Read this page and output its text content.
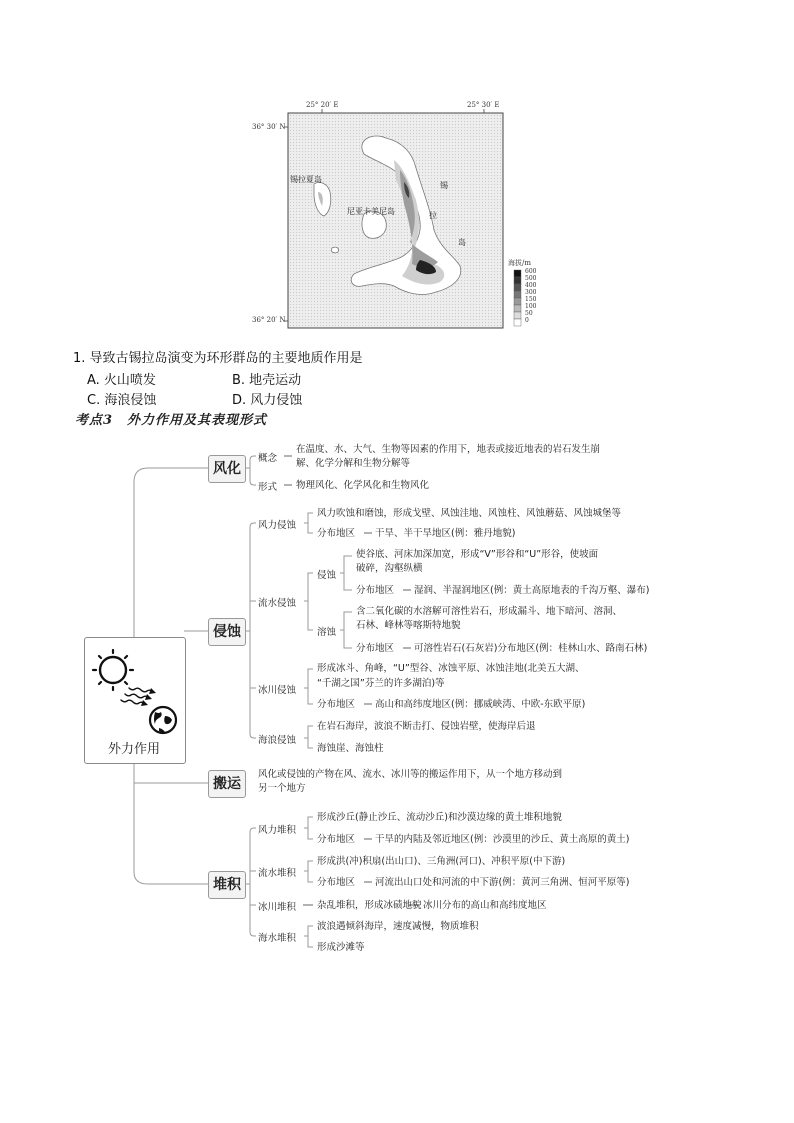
25° 20′ E	25° 30′ E
36° 30′ N
36° 20′ N
锡拉夏岛
尼亚卡美尼岛
锡
拉
岛
海拔/m
600
500
400
300
150
100
50
0
1. 导致古锡拉岛演变为环形群岛的主要地质作用是
A. 火山喷发	B. 地壳运动
C. 海浪侵蚀	D. 风力侵蚀
考点3　外力作用及其表现形式
外力作用
风化
侵蚀
搬运
堆积
概念
在温度、水、大气、生物等因素的作用下，地表或接近地表的岩石发生崩
解、化学分解和生物分解等
形式 物理风化、化学风化和生物风化
风力侵蚀
风力吹蚀和磨蚀，形成戈壁、风蚀洼地、风蚀柱、风蚀蘑菇、风蚀城堡等
分布地区 干旱、半干旱地区(例：雅丹地貌)
流水侵蚀
侵蚀
使谷底、河床加深加宽，形成“V”形谷和“U”形谷，使坡面
破碎，沟壑纵横
分布地区 湿润、半湿润地区(例：黄土高原地表的千沟万壑、瀑布)
溶蚀
含二氧化碳的水溶解可溶性岩石，形成漏斗、地下暗河、溶洞、
石林、峰林等喀斯特地貌
分布地区 可溶性岩石(石灰岩)分布地区(例：桂林山水、路南石林)
冰川侵蚀
形成冰斗、角峰，“U”型谷、冰蚀平原、冰蚀洼地(北美五大湖、
“千湖之国”芬兰的许多湖泊)等
分布地区 高山和高纬度地区(例：挪威峡湾、中欧-东欧平原)
海浪侵蚀
在岩石海岸，波浪不断击打、侵蚀岩壁，使海岸后退
海蚀崖、海蚀柱
风化或侵蚀的产物在风、流水、冰川等的搬运作用下，从一个地方移动到
另一个地方
风力堆积
形成沙丘(静止沙丘、流动沙丘)和沙漠边缘的黄土堆积地貌
分布地区 干旱的内陆及邻近地区(例：沙漠里的沙丘、黄土高原的黄土)
流水堆积
形成洪(冲)积扇(出山口)、三角洲(河口)、冲积平原(中下游)
分布地区 河流出山口处和河流的中下游(例：黄河三角洲、恒河平原等)
冰川堆积 杂乱堆积，形成冰碛地貌 冰川分布的高山和高纬度地区
海水堆积
波浪遇倾斜海岸，速度减慢，物质堆积
形成沙滩等
